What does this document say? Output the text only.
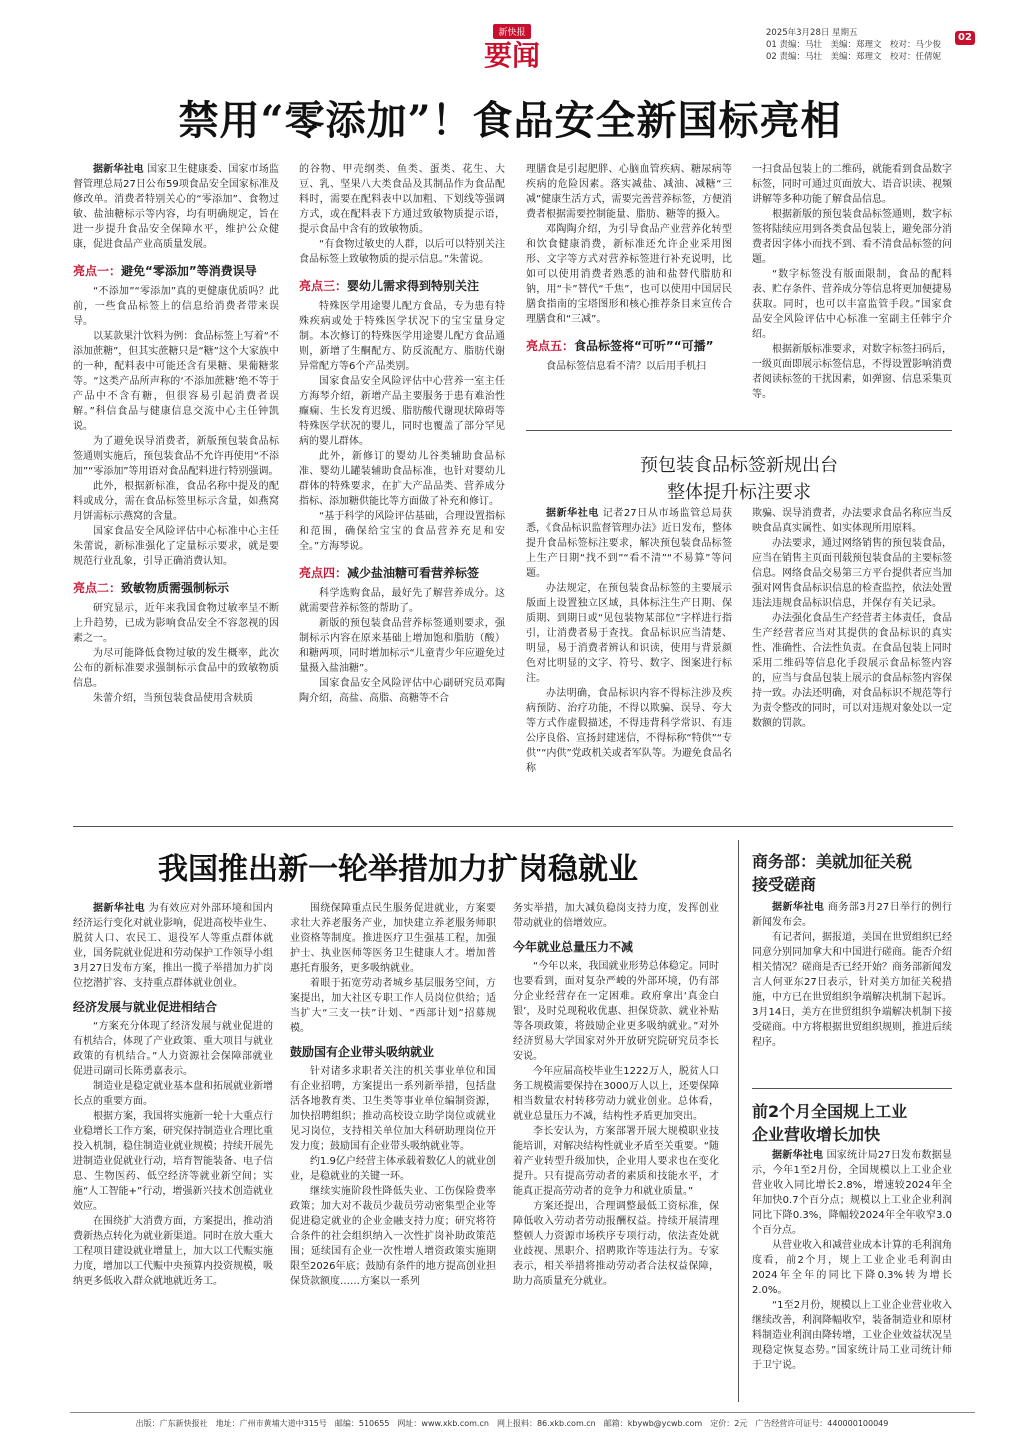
新快报
要闻
2025年3月28日 星期五
01 责编：马壮　美编：郑理文　校对：马少俊
02 责编：马壮　美编：郑理文　校对：任倩妮
02
禁用“零添加”！食品安全新国标亮相

据新华社电 国家卫生健康委、国家市场监督管理总局27日公布59项食品安全国家标准及修改单。消费者特别关心的“零添加”、食物过敏、盐油糖标示等内容，均有明确规定，旨在进一步提升食品安全保障水平，维护公众健康，促进食品产业高质量发展。

亮点一：避免“零添加”等消费误导

“不添加”“零添加”真的更健康优质吗？此前，一些食品标签上的信息给消费者带来误导。

以某款果汁饮料为例：食品标签上写着“不添加蔗糖”，但其实蔗糖只是“糖”这个大家族中的一种，配料表中可能还含有果糖、果葡糖浆等。“这类产品所声称的‘不添加蔗糖’绝不等于产品中不含有糖，但很容易引起消费者误解。”科信食品与健康信息交流中心主任钟凯说。

为了避免误导消费者，新版预包装食品标签通则实施后，预包装食品不允许再使用“不添加”“零添加”等用语对食品配料进行特别强调。

此外，根据新标准，食品名称中提及的配料或成分，需在食品标签里标示含量，如燕窝月饼需标示燕窝的含量。

国家食品安全风险评估中心标准中心主任朱蕾说，新标准强化了定量标示要求，就是要规范行业乱象，引导正确消费认知。

亮点二：致敏物质需强制标示

研究显示，近年来我国食物过敏率呈不断上升趋势，已成为影响食品安全不容忽视的因素之一。

为尽可能降低食物过敏的发生概率，此次公布的新标准要求强制标示食品中的致敏物质信息。

朱蕾介绍，当预包装食品使用含麸质

的谷物、甲壳纲类、鱼类、蛋类、花生、大豆、乳、坚果八大类食品及其制品作为食品配料时，需要在配料表中以加粗、下划线等强调方式，或在配料表下方通过致敏物质提示语，提示食品中含有的致敏物质。

“有食物过敏史的人群，以后可以特别关注食品标签上致敏物质的提示信息。”朱蕾说。

亮点三：婴幼儿需求得到特别关注

特殊医学用途婴儿配方食品，专为患有特殊疾病或处于特殊医学状况下的宝宝量身定制。本次修订的特殊医学用途婴儿配方食品通则，新增了生酮配方、防反流配方、脂肪代谢异常配方等6个产品类别。

国家食品安全风险评估中心营养一室主任方海琴介绍，新增产品主要服务于患有难治性癫痫、生长发育迟缓、脂肪酸代谢现状障碍等特殊医学状况的婴儿，同时也覆盖了部分罕见病的婴儿群体。

此外，新修订的婴幼儿谷类辅助食品标准、婴幼儿罐装辅助食品标准，也针对婴幼儿群体的特殊要求，在扩大产品品类、营养成分指标、添加糖供能比等方面做了补充和修订。

“基于科学的风险评估基础，合理设置指标和范围，确保给宝宝的食品营养充足和安全。”方海琴说。

亮点四：减少盐油糖可看营养标签

科学选购食品，最好先了解营养成分。这就需要营养标签的帮助了。

新版的预包装食品营养标签通则要求，强制标示内容在原来基础上增加饱和脂肪（酸）和糖两项，同时增加标示“儿童青少年应避免过量摄入盐油糖”。

国家食品安全风险评估中心副研究员邓陶陶介绍，高盐、高脂、高糖等不合

理膳食是引起肥胖、心脑血管疾病、糖尿病等疾病的危险因素。落实减盐、减油、减糖“三减”健康生活方式，需要完善营养标签，方便消费者根据需要控制能量、脂肪、糖等的摄入。

邓陶陶介绍，为引导食品产业营养化转型和饮食健康消费，新标准还允许企业采用图形、文字等方式对营养标签进行补充说明，比如可以使用消费者熟悉的油和盐替代脂肪和钠，用“卡”替代“千焦”，也可以使用中国居民膳食指南的宝塔图形和核心推荐条目来宣传合理膳食和“三减”。

亮点五：食品标签将“可听”“可播”

食品标签信息看不清？以后用手机扫

一扫食品包装上的二维码，就能看到食品数字标签，同时可通过页面放大、语音识读、视频讲解等多种功能了解食品信息。

根据新版的预包装食品标签通则，数字标签将陆续应用到各类食品包装上，避免部分消费者因字体小而找不到、看不清食品标签的问题。

“数字标签没有版面限制，食品的配料表、贮存条件、营养成分等信息将更加便捷易获取。同时，也可以丰富监管手段。”国家食品安全风险评估中心标准一室副主任韩宇介绍。

根据新版标准要求，对数字标签扫码后，一级页面即展示标签信息，不得设置影响消费者阅读标签的干扰因素，如弹窗、信息采集页等。

预包装食品标签新规出台
整体提升标注要求

据新华社电 记者27日从市场监管总局获悉，《食品标识监督管理办法》近日发布，整体提升食品标签标注要求，解决预包装食品标签上生产日期“找不到”“看不清”“不易算”等问题。

办法规定，在预包装食品标签的主要展示版面上设置独立区域，具体标注生产日期、保质期、到期日或“见包装物某部位”字样进行指引，让消费者易于查找。食品标识应当清楚、明显，易于消费者辨认和识读，使用与背景颜色对比明显的文字、符号、数字、图案进行标注。

办法明确，食品标识内容不得标注涉及疾病预防、治疗功能，不得以欺骗、误导、夸大等方式作虚假描述，不得违背科学常识、有违公序良俗、宣扬封建迷信，不得标称“特供”“专供”“内供”党政机关或者军队等。为避免食品名称

欺骗、误导消费者，办法要求食品名称应当反映食品真实属性、如实体现所用原料。

办法要求，通过网络销售的预包装食品，应当在销售主页面刊载预包装食品的主要标签信息。网络食品交易第三方平台提供者应当加强对网售食品标识信息的检查监控，依法处置违法违规食品标识信息，并保存有关记录。

办法强化食品生产经营者主体责任，食品生产经营者应当对其提供的食品标识的真实性、准确性、合法性负责。在食品包装上同时采用二维码等信息化手段展示食品标签内容的，应当与食品包装上展示的食品标签内容保持一致。办法还明确，对食品标识不规范等行为责令整改的同时，可以对违规对象处以一定数额的罚款。

我国推出新一轮举措加力扩岗稳就业

据新华社电 为有效应对外部环境和国内经济运行变化对就业影响，促进高校毕业生、脱贫人口、农民工、退役军人等重点群体就业，国务院就业促进和劳动保护工作领导小组3月27日发布方案，推出一揽子举措加力扩岗位挖潜扩容、支持重点群体就业创业。

经济发展与就业促进相结合

“方案充分体现了经济发展与就业促进的有机结合，体现了产业政策、重大项目与就业政策的有机结合。”人力资源社会保障部就业促进司副司长陈勇嘉表示。

制造业是稳定就业基本盘和拓展就业新增长点的重要方面。

根据方案，我国将实施新一轮十大重点行业稳增长工作方案，研究保持制造业合理比重投入机制，稳住制造业就业规模；持续开展先进制造业促就业行动，培育智能装备、电子信息、生物医药、低空经济等就业新空间；实施“人工智能+”行动，增强新兴技术创造就业效应。

在围绕扩大消费方面，方案提出，推动消费新热点转化为就业新渠道。同时在放大重大工程项目建设就业增量上，加大以工代赈实施力度，增加以工代赈中央预算内投资规模，吸纳更多低收入群众就地就近务工。

围绕保障重点民生服务促进就业，方案要求壮大养老服务产业，加快建立养老服务师职业资格等制度。推进医疗卫生强基工程，加强护士、执业医师等医务卫生健康人才。增加普惠托育服务，更多吸纳就业。

着眼于拓宽劳动者城乡基层服务空间，方案提出，加大社区专职工作人员岗位供给；适当扩大“三支一扶”计划、“西部计划”招募规模。

鼓励国有企业带头吸纳就业

针对诸多求职者关注的机关事业单位和国有企业招聘，方案提出一系列新举措，包括盘活各地教育类、卫生类等事业单位编制资源，加快招聘组织；推动高校设立助学岗位或就业见习岗位，支持相关单位加大科研助理岗位开发力度；鼓励国有企业带头吸纳就业等。

约1.9亿户经营主体承载着数亿人的就业创业，是稳就业的关键一环。

继续实施阶段性降低失业、工伤保险费率政策；加大对不裁员少裁员劳动密集型企业等促进稳定就业的企业金融支持力度；研究将符合条件的社会组织纳入一次性扩岗补助政策范围；延续国有企业一次性增人增资政策实施期限至2026年底；鼓励有条件的地方提高创业担保贷款额度……方案以一系列

务实举措，加大减负稳岗支持力度，发挥创业带动就业的倍增效应。

今年就业总量压力不减

“今年以来，我国就业形势总体稳定。同时也要看到，面对复杂严峻的外部环境，仍有部分企业经营存在一定困难。政府拿出‘真金白银’，及时兑现税收优惠、担保贷款、就业补贴等各项政策，将鼓励企业更多吸纳就业。”对外经济贸易大学国家对外开放研究院研究员李长安说。

今年应届高校毕业生1222万人，脱贫人口务工规模需要保持在3000万人以上，还要保障相当数量农村转移劳动力就业创业。总体看，就业总量压力不减，结构性矛盾更加突出。

李长安认为，方案部署开展大规模职业技能培训，对解决结构性就业矛盾至关重要。“随着产业转型升级加快，企业用人要求也在变化提升。只有提高劳动者的素质和技能水平，才能真正提高劳动者的竞争力和就业质量。”

方案还提出，合理调整最低工资标准，保障低收入劳动者劳动报酬权益。持续开展清理整顿人力资源市场秩序专项行动，依法查处就业歧视、黑职介、招聘欺诈等违法行为。专家表示，相关举措将推动劳动者合法权益保障，助力高质量充分就业。

商务部：美就加征关税
接受磋商

据新华社电 商务部3月27日举行的例行新闻发布会。

有记者问，据报道，美国在世贸组织已经同意分别同加拿大和中国进行磋商。能否介绍相关情况？磋商是否已经开始？商务部新闻发言人何亚东27日表示，针对美方加征关税措施，中方已在世贸组织争端解决机制下起诉。3月14日，美方在世贸组织争端解决机制下接受磋商。中方将根据世贸组织规则，推进后续程序。

前2个月全国规上工业
企业营收增长加快

据新华社电 国家统计局27日发布数据显示，今年1至2月份，全国规模以上工业企业营业收入同比增长2.8%，增速较2024年全年加快0.7个百分点；规模以上工业企业利润同比下降0.3%，降幅较2024年全年收窄3.0个百分点。

从营业收入和减营业成本计算的毛利润角度看，前2个月，规上工业企业毛利润由2024年全年的同比下降0.3%转为增长2.0%。

“1至2月份，规模以上工业企业营业收入继续改善，利润降幅收窄，装备制造业和原材料制造业利润由降转增，工业企业效益状况呈现稳定恢复态势。”国家统计局工业司统计师于卫宁说。

出版：广东新快报社　地址：广州市黄埔大道中315号　邮编：510655　网址：www.xkb.com.cn　网上报料：86.xkb.com.cn　邮箱：kbywb@ycwb.com　定价：2元　广告经营许可证号：440000100049
